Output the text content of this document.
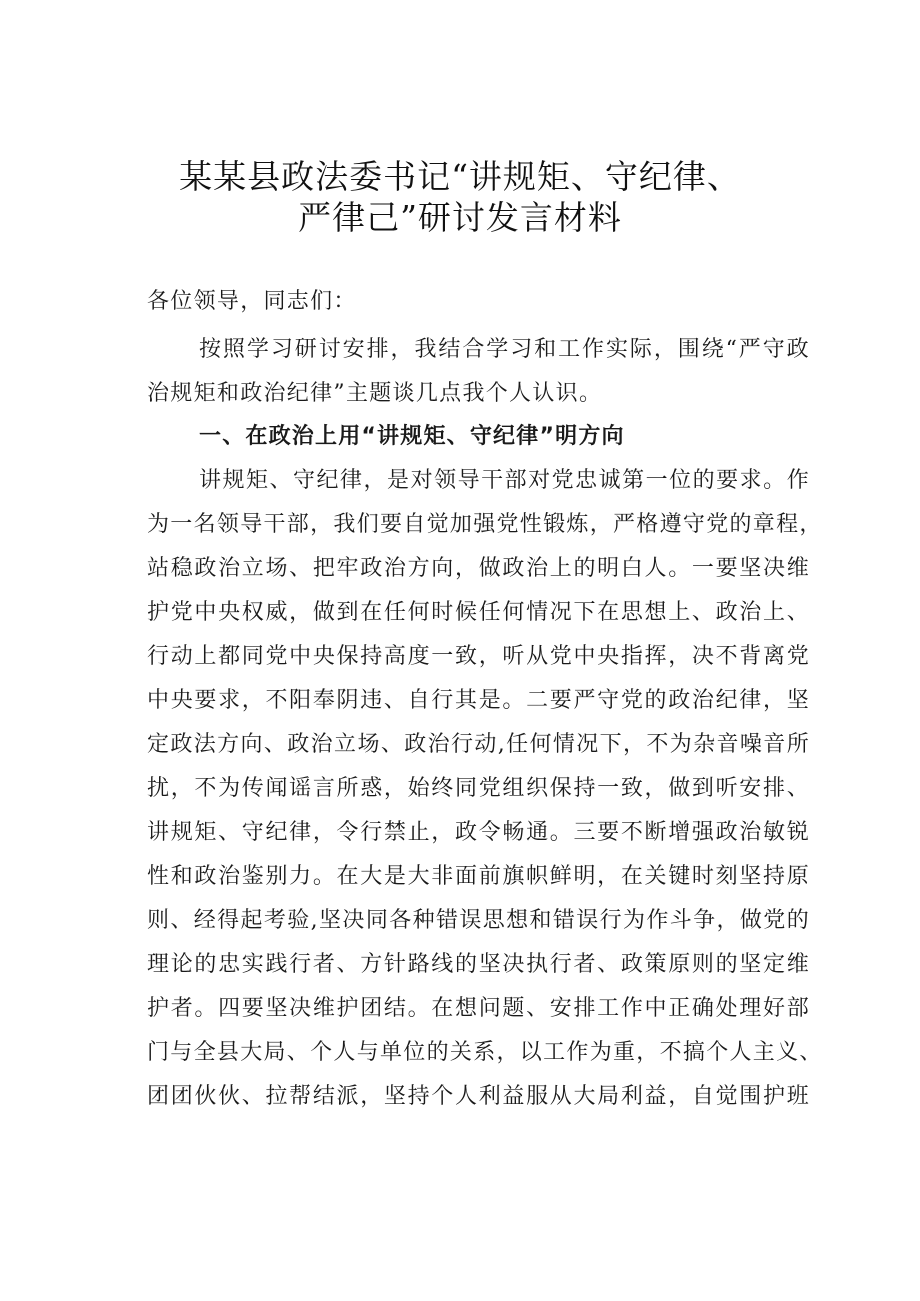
某某县政法委书记“讲规矩、守纪律、
严律己”研讨发言材料
各位领导，同志们：
按照学习研讨安排，我结合学习和工作实际，围绕“严守政
治规矩和政治纪律”主题谈几点我个人认识。
一、在政治上用“讲规矩、守纪律”明方向
讲规矩、守纪律，是对领导干部对党忠诚第一位的要求。作
为一名领导干部，我们要自觉加强党性锻炼，严格遵守党的章程，
站稳政治立场、把牢政治方向，做政治上的明白人。一要坚决维
护党中央权威，做到在任何时候任何情况下在思想上、政治上、
行动上都同党中央保持高度一致，听从党中央指挥，决不背离党
中央要求，不阳奉阴违、自行其是。二要严守党的政治纪律，坚
定政法方向、政治立场、政治行动,任何情况下，不为杂音噪音所
扰，不为传闻谣言所惑，始终同党组织保持一致，做到听安排、
讲规矩、守纪律，令行禁止，政令畅通。三要不断增强政治敏锐
性和政治鉴别力。在大是大非面前旗帜鲜明，在关键时刻坚持原
则、经得起考验,坚决同各种错误思想和错误行为作斗争，做党的
理论的忠实践行者、方针路线的坚决执行者、政策原则的坚定维
护者。四要坚决维护团结。在想问题、安排工作中正确处理好部
门与全县大局、个人与单位的关系，以工作为重，不搞个人主义、
团团伙伙、拉帮结派，坚持个人利益服从大局利益，自觉围护班
